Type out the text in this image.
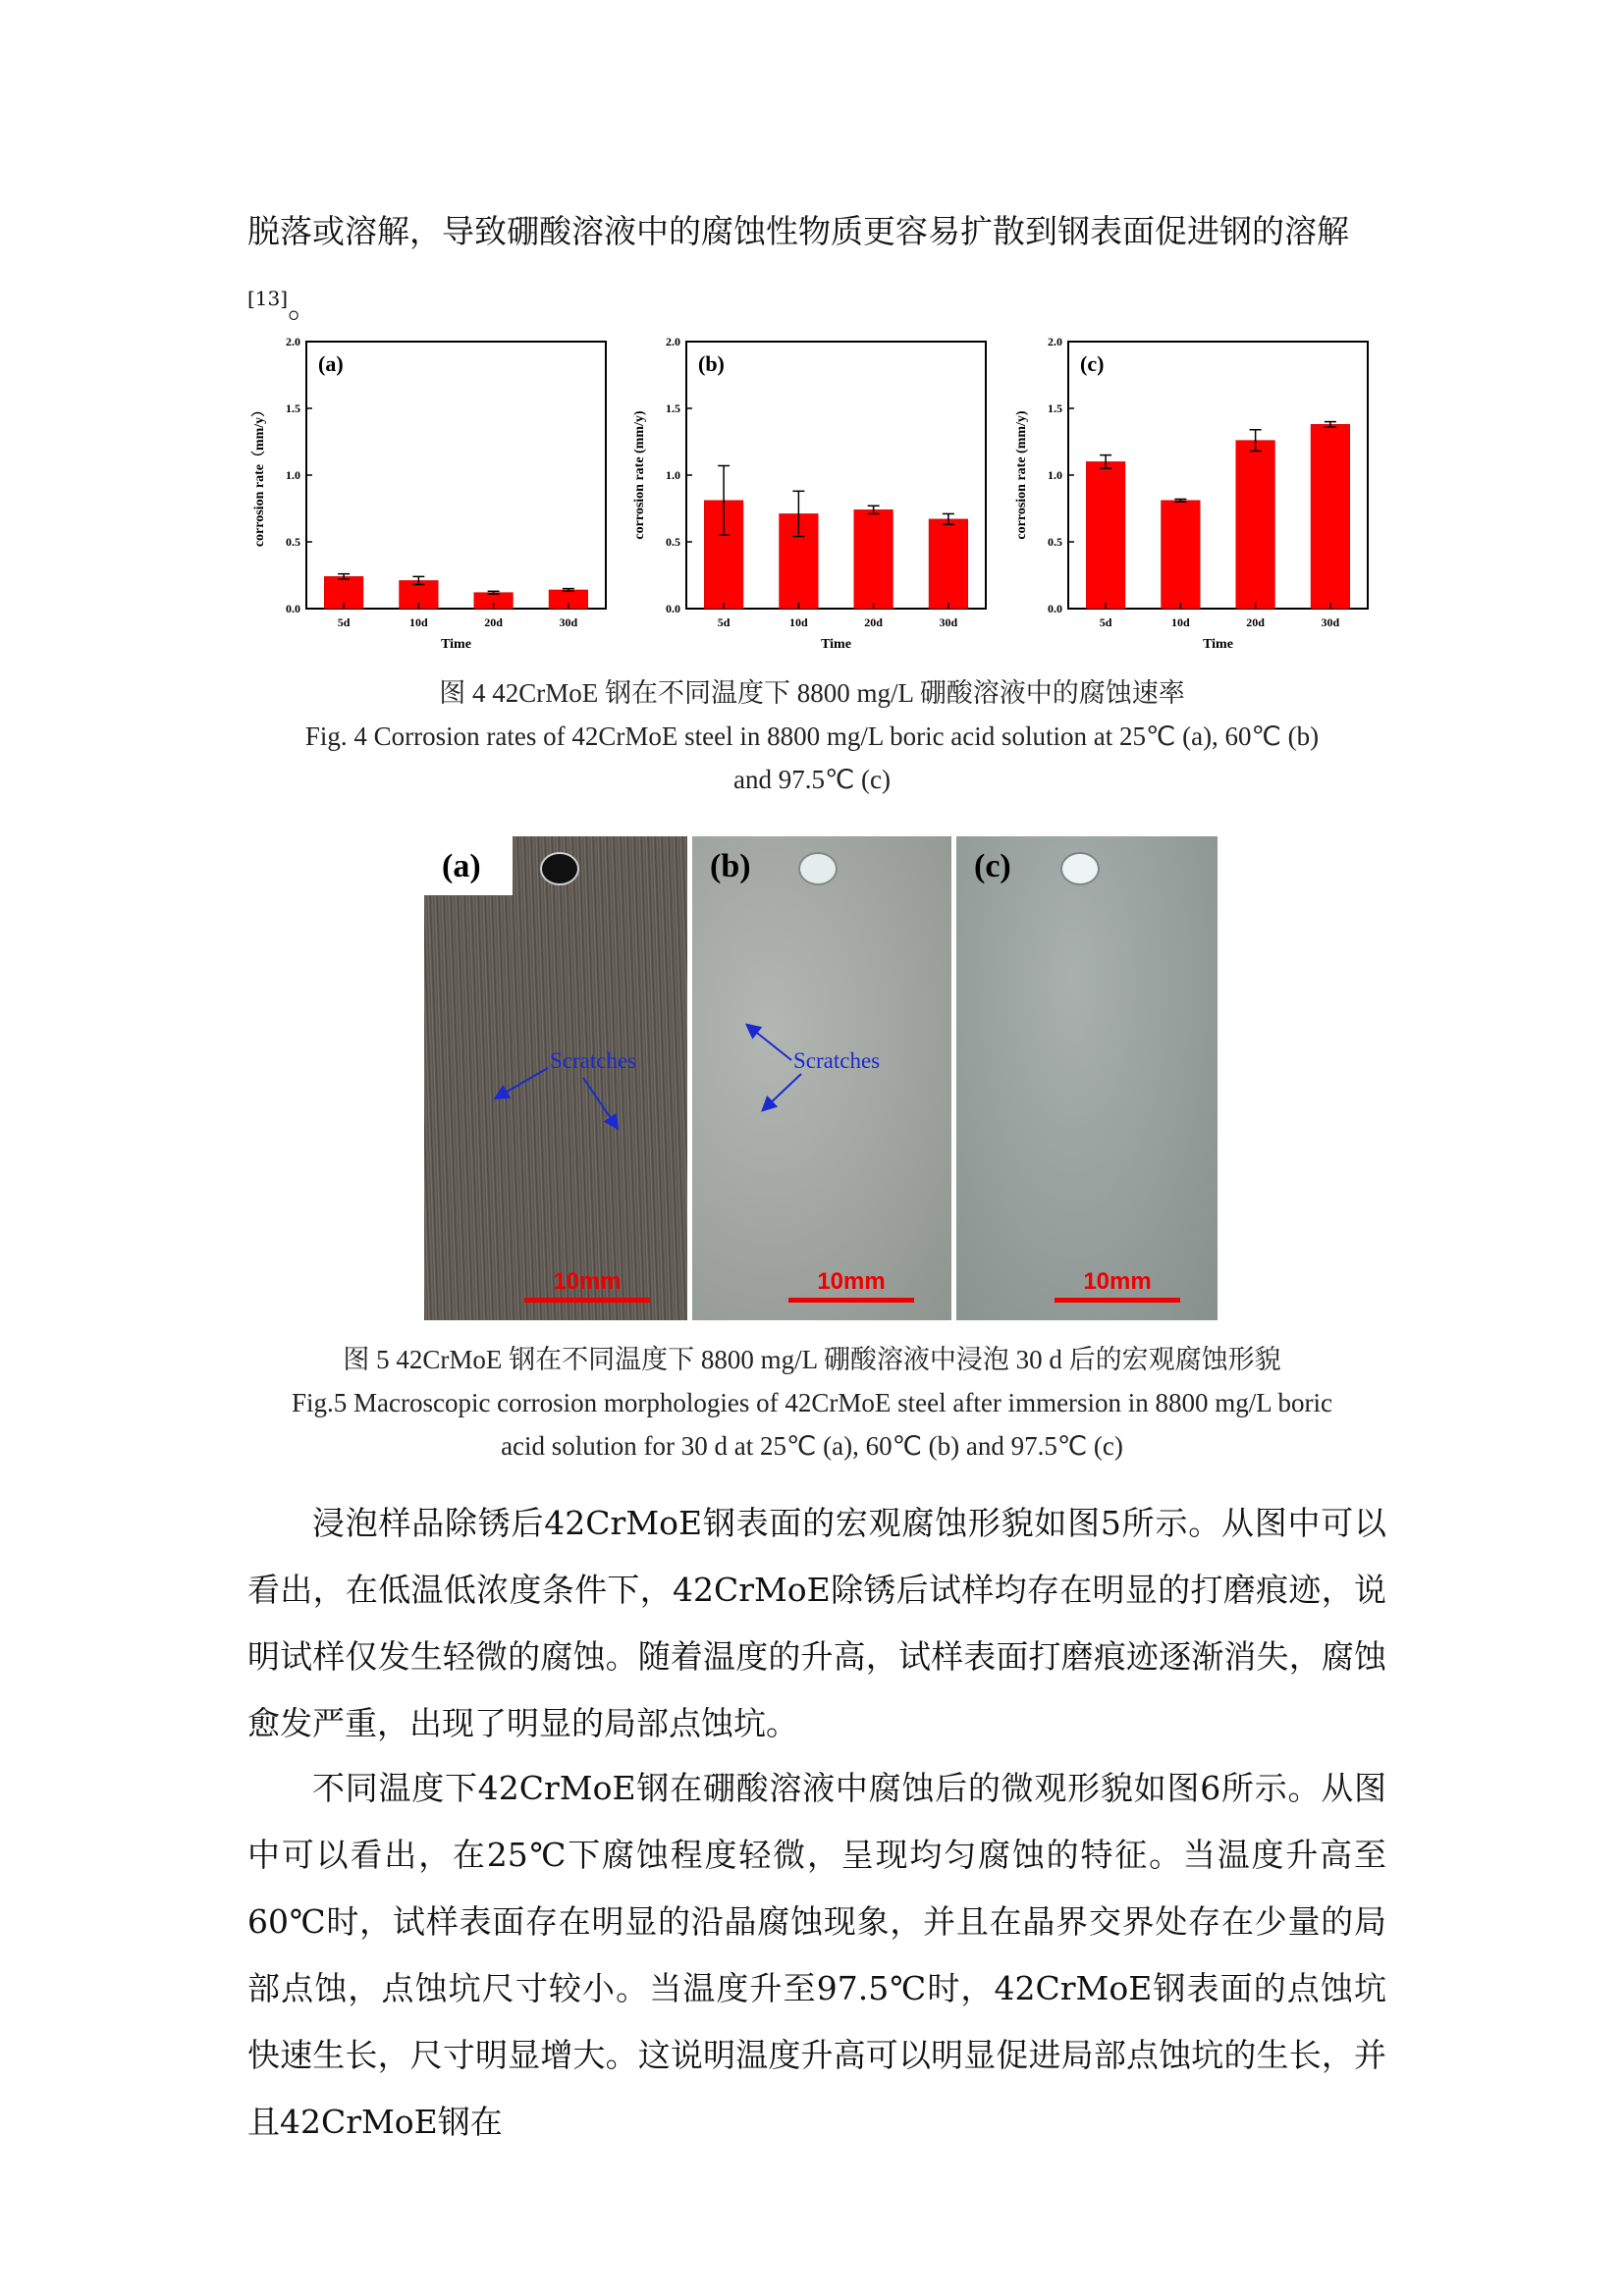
脱落或溶解，导致硼酸溶液中的腐蚀性物质更容易扩散到钢表面促进钢的溶解
[13]。
0.0
0.5
1.0
1.5
2.0
5d	10d	20d	30d
Time
corrosion rate（mm/y）
(a)
0.0
0.5
1.0
1.5
2.0
5d	10d	20d	30d
Time
corrosion rate (mm/y)
(b)
0.0
0.5
1.0
1.5
2.0
5d	10d	20d	30d
Time
corrosion rate (mm/y)
(c)
图 4 42CrMoE 钢在不同温度下 8800 mg/L 硼酸溶液中的腐蚀速率
Fig. 4 Corrosion rates of 42CrMoE steel in 8800 mg/L boric acid solution at 25℃ (a), 60℃ (b)
and 97.5℃ (c)
(a)
10mm
(b)
10mm
(c)
10mm
Scratches	Scratches
图 5 42CrMoE 钢在不同温度下 8800 mg/L 硼酸溶液中浸泡 30 d 后的宏观腐蚀形貌
Fig.5 Macroscopic corrosion morphologies of 42CrMoE steel after immersion in 8800 mg/L boric
acid solution for 30 d at 25℃ (a), 60℃ (b) and 97.5℃ (c)
浸泡样品除锈后42CrMoE钢表面的宏观腐蚀形貌如图5所示。从图中可以看出，在低温低浓度条件下，42CrMoE除锈后试样均存在明显的打磨痕迹，说明试样仅发生轻微的腐蚀。随着温度的升高，试样表面打磨痕迹逐渐消失，腐蚀愈发严重，出现了明显的局部点蚀坑。
不同温度下42CrMoE钢在硼酸溶液中腐蚀后的微观形貌如图6所示。从图中可以看出，在25℃下腐蚀程度轻微，呈现均匀腐蚀的特征。当温度升高至60℃时，试样表面存在明显的沿晶腐蚀现象，并且在晶界交界处存在少量的局部点蚀，点蚀坑尺寸较小。当温度升至97.5℃时，42CrMoE钢表面的点蚀坑快速生长，尺寸明显增大。这说明温度升高可以明显促进局部点蚀坑的生长，并且42CrMoE钢在
